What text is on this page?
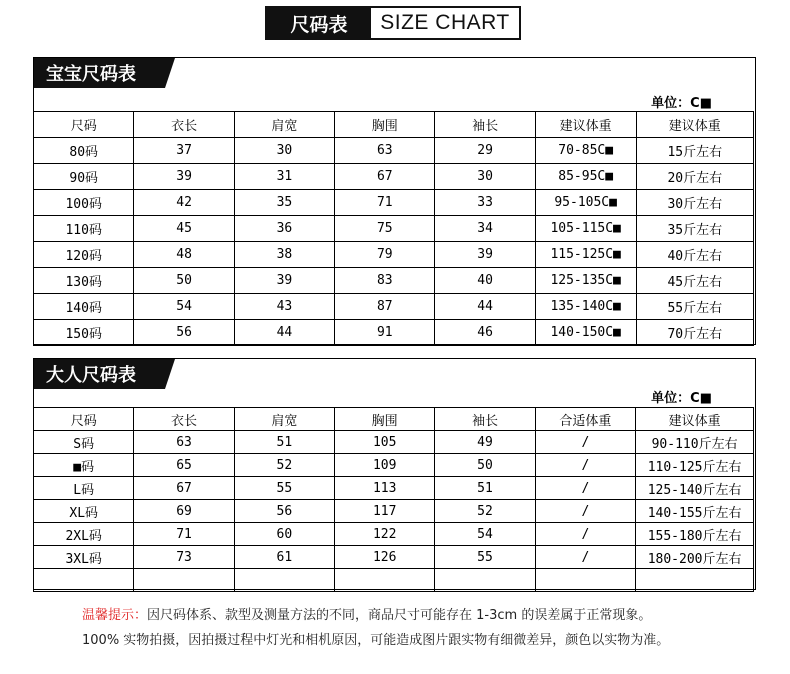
尺码表	SIZE CHART
宝宝尺码表
单位：C■
尺码	衣长	肩宽	胸围	袖长	建议体重	建议体重
80码	37	30	63	29	70-85C■	15斤左右
90码	39	31	67	30	85-95C■	20斤左右
100码	42	35	71	33	95-105C■	30斤左右
110码	45	36	75	34	105-115C■	35斤左右
120码	48	38	79	39	115-125C■	40斤左右
130码	50	39	83	40	125-135C■	45斤左右
140码	54	43	87	44	135-140C■	55斤左右
150码	56	44	91	46	140-150C■	70斤左右
大人尺码表
单位：C■
尺码	衣长	肩宽	胸围	袖长	合适体重	建议体重
S码	63	51	105	49	/	90-110斤左右
■码	65	52	109	50	/	110-125斤左右
L码	67	55	113	51	/	125-140斤左右
XL码	69	56	117	52	/	140-155斤左右
2XL码	71	60	122	54	/	155-180斤左右
3XL码	73	61	126	55	/	180-200斤左右

温馨提示：因尺码体系、款型及测量方法的不同，商品尺寸可能存在 1-3cm 的误差属于正常现象。
100% 实物拍摄，因拍摄过程中灯光和相机原因，可能造成图片跟实物有细微差异，颜色以实物为准。
